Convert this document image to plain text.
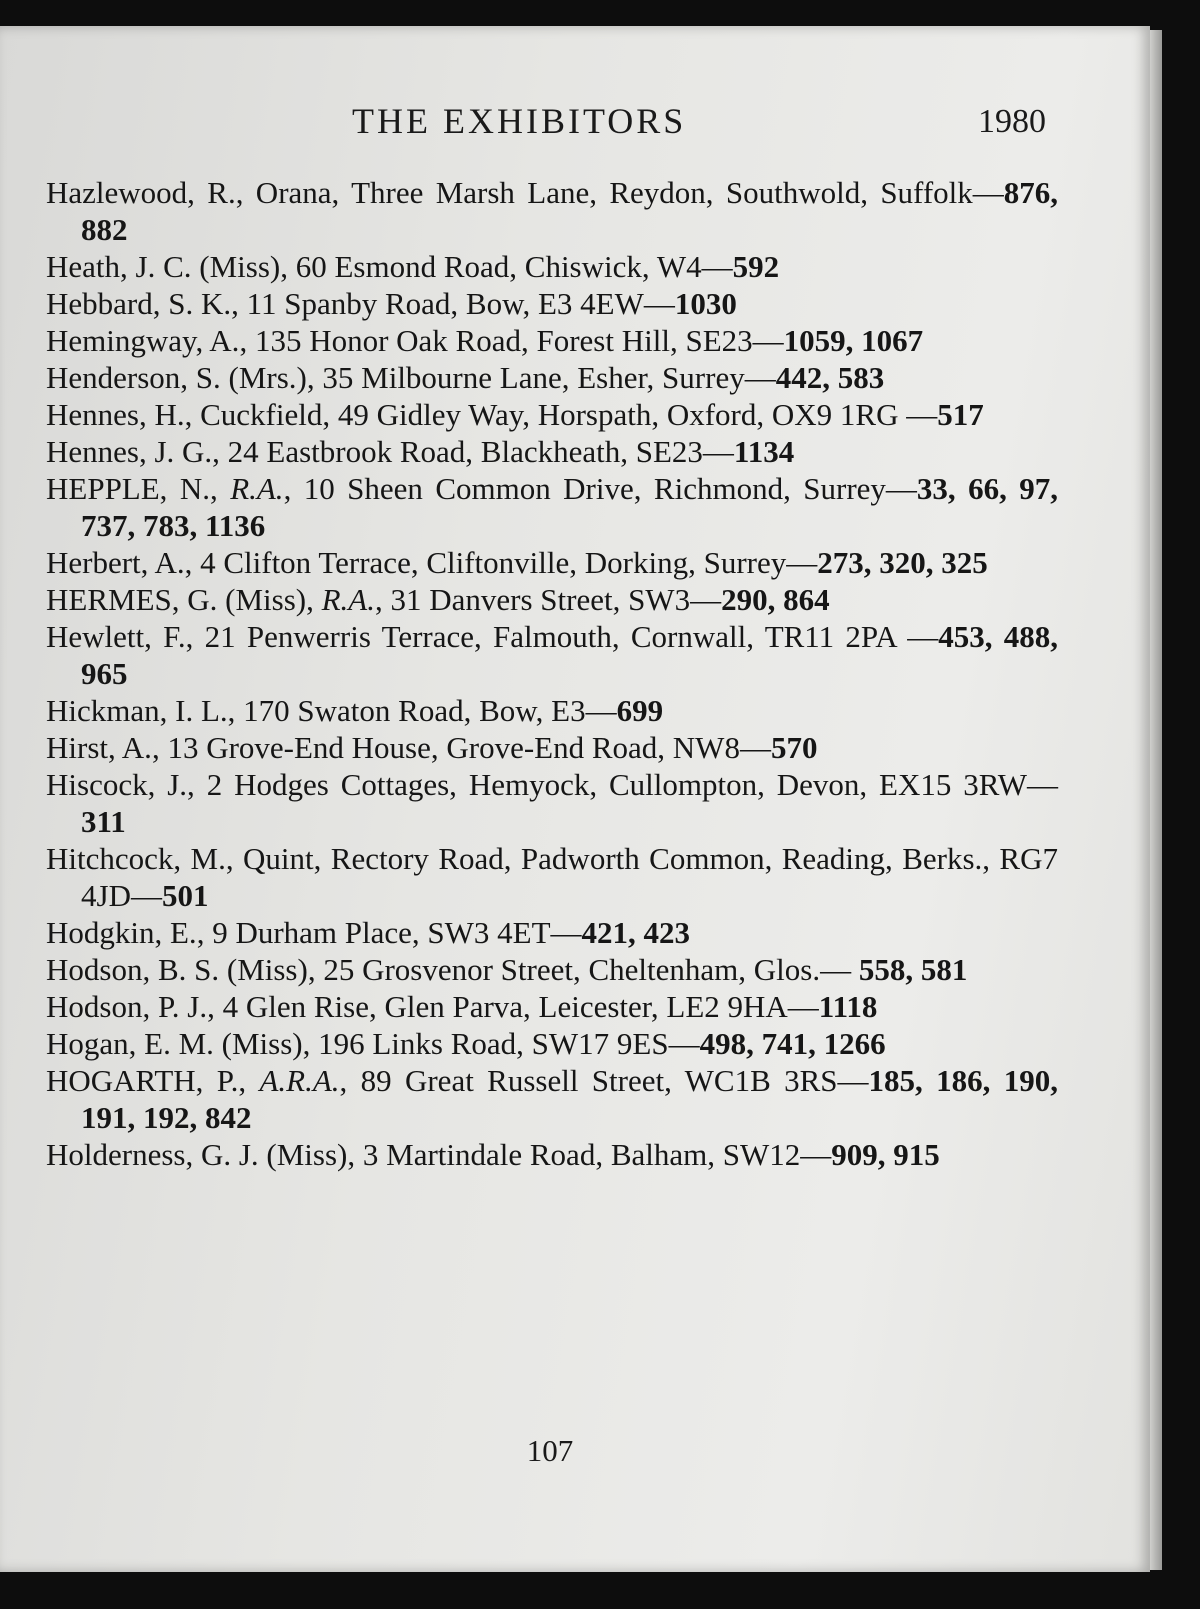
THE EXHIBITORS	1980

Hazlewood, R., Orana, Three Marsh Lane, Reydon, Southwold, Suffolk—876, 882

Heath, J. C. (Miss), 60 Esmond Road, Chiswick, W4—592

Hebbard, S. K., 11 Spanby Road, Bow, E3 4EW—1030

Hemingway, A., 135 Honor Oak Road, Forest Hill, SE23—1059, 1067

Henderson, S. (Mrs.), 35 Milbourne Lane, Esher, Surrey—442, 583

Hennes, H., Cuckfield, 49 Gidley Way, Horspath, Oxford, OX9 1RG —517

Hennes, J. G., 24 Eastbrook Road, Blackheath, SE23—1134

HEPPLE, N., R.A., 10 Sheen Common Drive, Richmond, Surrey—33, 66, 97, 737, 783, 1136

Herbert, A., 4 Clifton Terrace, Cliftonville, Dorking, Surrey—273, 320, 325

HERMES, G. (Miss), R.A., 31 Danvers Street, SW3—290, 864

Hewlett, F., 21 Penwerris Terrace, Falmouth, Cornwall, TR11 2PA —453, 488, 965

Hickman, I. L., 170 Swaton Road, Bow, E3—699

Hirst, A., 13 Grove-End House, Grove-End Road, NW8—570

Hiscock, J., 2 Hodges Cottages, Hemyock, Cullompton, Devon, EX15 3RW—311

Hitchcock, M., Quint, Rectory Road, Padworth Common, Reading, Berks., RG7 4JD—501

Hodgkin, E., 9 Durham Place, SW3 4ET—421, 423

Hodson, B. S. (Miss), 25 Grosvenor Street, Cheltenham, Glos.— 558, 581

Hodson, P. J., 4 Glen Rise, Glen Parva, Leicester, LE2 9HA—1118

Hogan, E. M. (Miss), 196 Links Road, SW17 9ES—498, 741, 1266

HOGARTH, P., A.R.A., 89 Great Russell Street, WC1B 3RS—185, 186, 190, 191, 192, 842

Holderness, G. J. (Miss), 3 Martindale Road, Balham, SW12—909, 915

107
